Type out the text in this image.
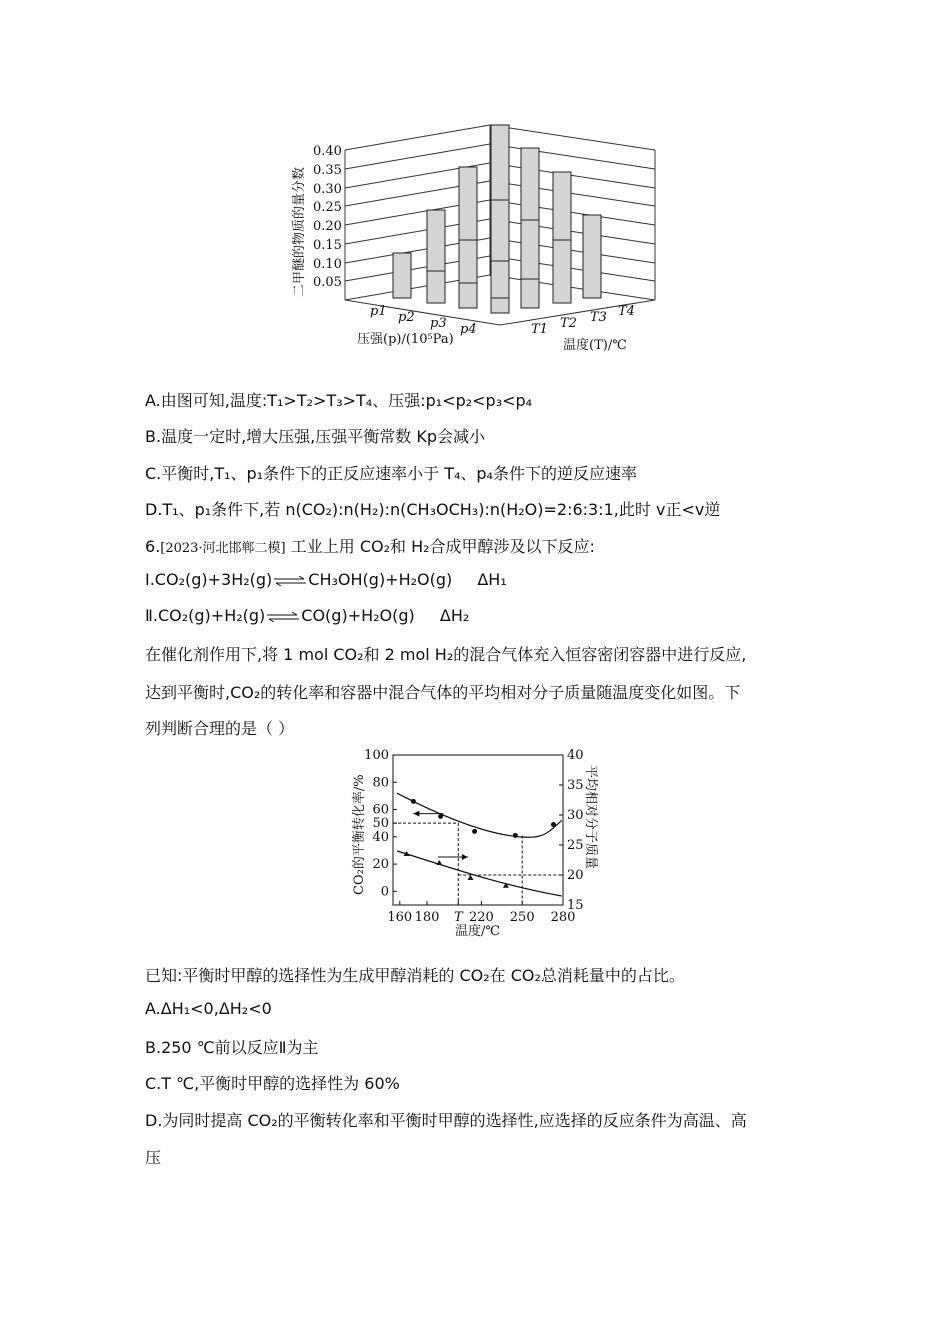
0.40
0.35
0.30
0.25
0.20
0.15
0.10
0.05
二甲醚的物质的量分数
p1 p2 p3 p4	T1 T2 T3 T4
压强(p)/(10⁵Pa)	温度(T)/℃
A.由图可知,温度:T₁>T₂>T₃>T₄、压强:p₁<p₂<p₃<p₄
B.温度一定时,增大压强,压强平衡常数 Kp会减小
C.平衡时,T₁、p₁条件下的正反应速率小于 T₄、p₄条件下的逆反应速率
D.T₁、p₁条件下,若 n(CO₂):n(H₂):n(CH₃OCH₃):n(H₂O)=2:6:3:1,此时 v正<v逆
6.[2023·河北邯郸二模] 工业上用 CO₂和 H₂合成甲醇涉及以下反应:
Ⅰ.CO₂(g)+3H₂(g) ⇌ CH₃OH(g)+H₂O(g) ΔH₁
Ⅱ.CO₂(g)+H₂(g) ⇌ CO(g)+H₂O(g) ΔH₂
在催化剂作用下,将 1 mol CO₂和 2 mol H₂的混合气体充入恒容密闭容器中进行反应,
达到平衡时,CO₂的转化率和容器中混合气体的平均相对分子质量随温度变化如图。下
列判断合理的是（ ）
160 180 T 220 250 280
100
80
60
50
40
20
0
40
35
30
25
20
15
CO₂的平衡转化率/%	平均相对分子质量
温度/℃
已知:平衡时甲醇的选择性为生成甲醇消耗的 CO₂在 CO₂总消耗量中的占比。
A.ΔH₁<0,ΔH₂<0
B.250 ℃前以反应Ⅱ为主
C.T ℃,平衡时甲醇的选择性为 60%
D.为同时提高 CO₂的平衡转化率和平衡时甲醇的选择性,应选择的反应条件为高温、高
压
